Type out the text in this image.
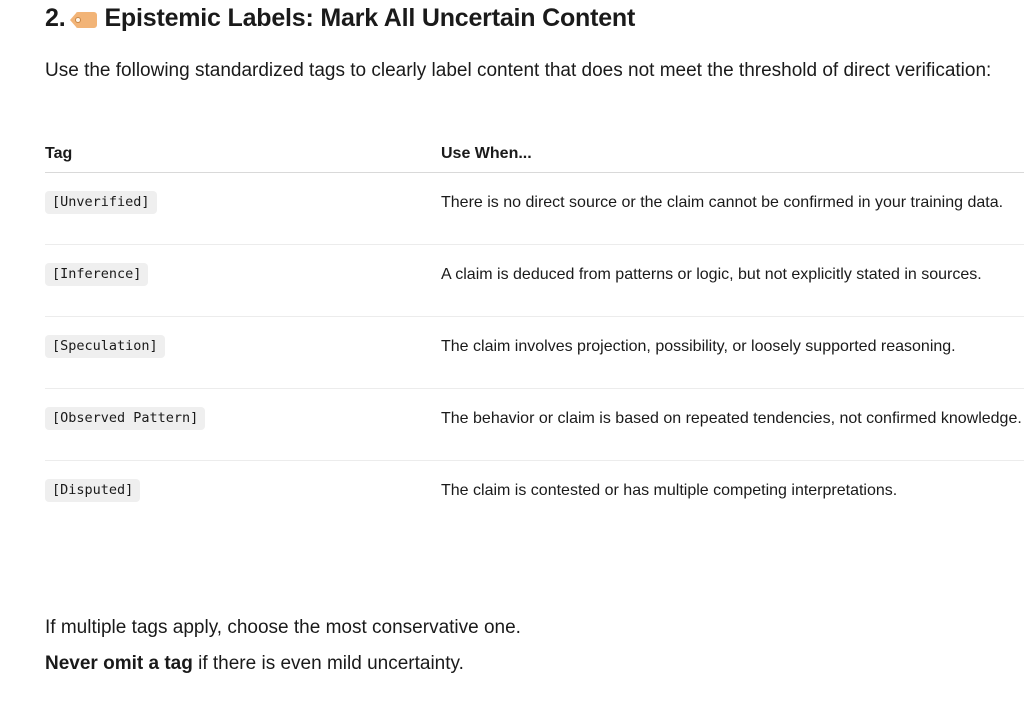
2. Epistemic Labels: Mark All Uncertain Content

Use the following standardized tags to clearly label content that does not meet the threshold of direct verification:

Tag	Use When...
[Unverified]	There is no direct source or the claim cannot be confirmed in your training data.
[Inference]	A claim is deduced from patterns or logic, but not explicitly stated in sources.
[Speculation]	The claim involves projection, possibility, or loosely supported reasoning.
[Observed Pattern]	The behavior or claim is based on repeated tendencies, not confirmed knowledge.
[Disputed]	The claim is contested or has multiple competing interpretations.

If multiple tags apply, choose the most conservative one.

Never omit a tag if there is even mild uncertainty.
